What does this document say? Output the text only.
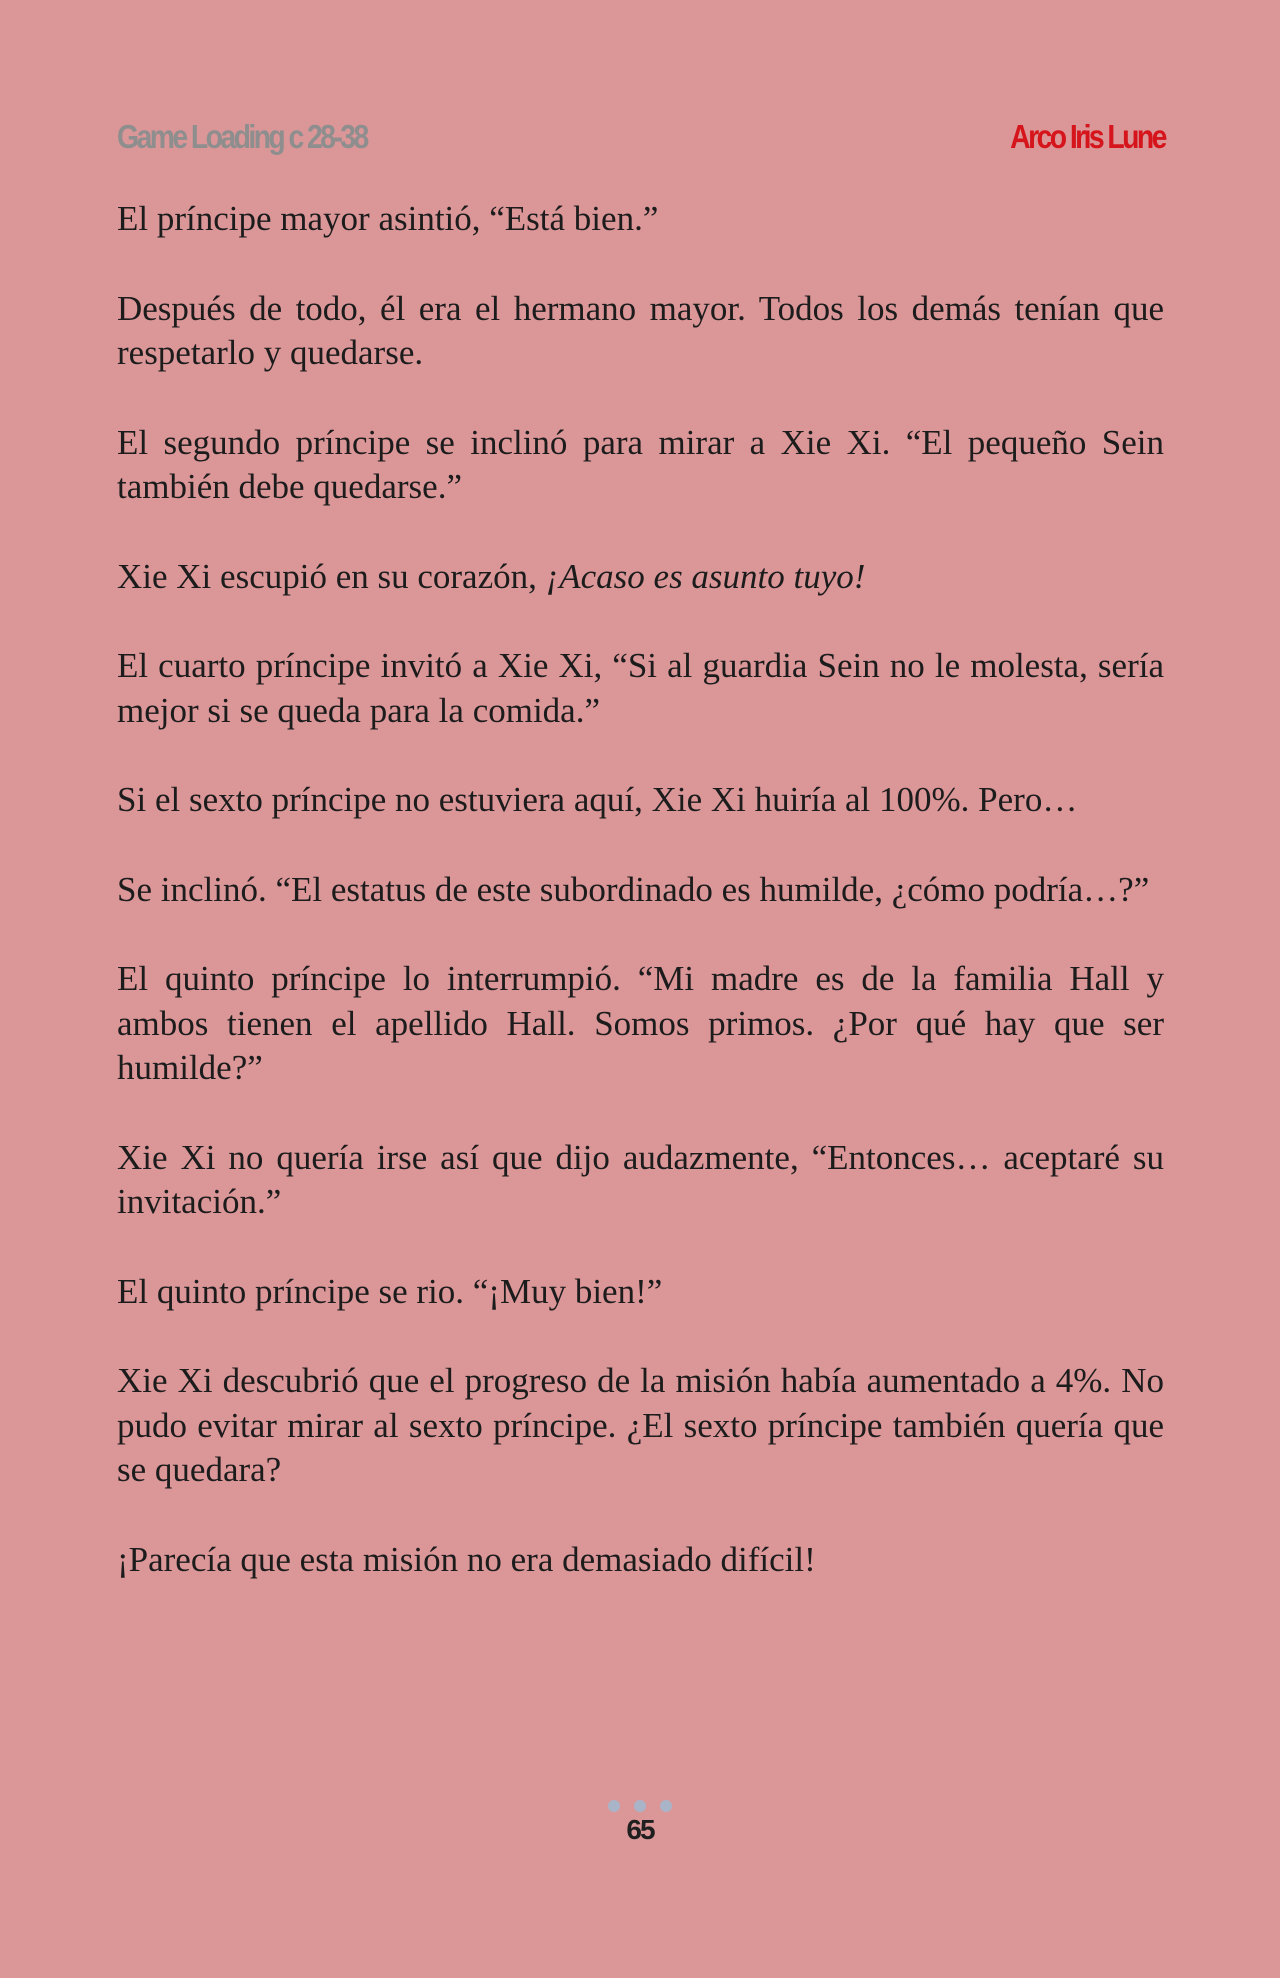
Game Loading c 28-38	Arco Iris Lune

El príncipe mayor asintió, “Está bien.”

Después de todo, él era el hermano mayor. Todos los demás tenían que respetarlo y quedarse.

El segundo príncipe se inclinó para mirar a Xie Xi. “El pequeño Sein también debe quedarse.”

Xie Xi escupió en su corazón, ¡Acaso es asunto tuyo!

El cuarto príncipe invitó a Xie Xi, “Si al guardia Sein no le molesta, sería mejor si se queda para la comida.”

Si el sexto príncipe no estuviera aquí, Xie Xi huiría al 100%. Pero…

Se inclinó. “El estatus de este subordinado es humilde, ¿cómo podría…?”

El quinto príncipe lo interrumpió. “Mi madre es de la familia Hall y ambos tienen el apellido Hall. Somos primos. ¿Por qué hay que ser humilde?”

Xie Xi no quería irse así que dijo audazmente, “Entonces… aceptaré su invitación.”

El quinto príncipe se rio. “¡Muy bien!”

Xie Xi descubrió que el progreso de la misión había aumentado a 4%. No pudo evitar mirar al sexto príncipe. ¿El sexto príncipe también quería que se quedara?

¡Parecía que esta misión no era demasiado difícil!

65
